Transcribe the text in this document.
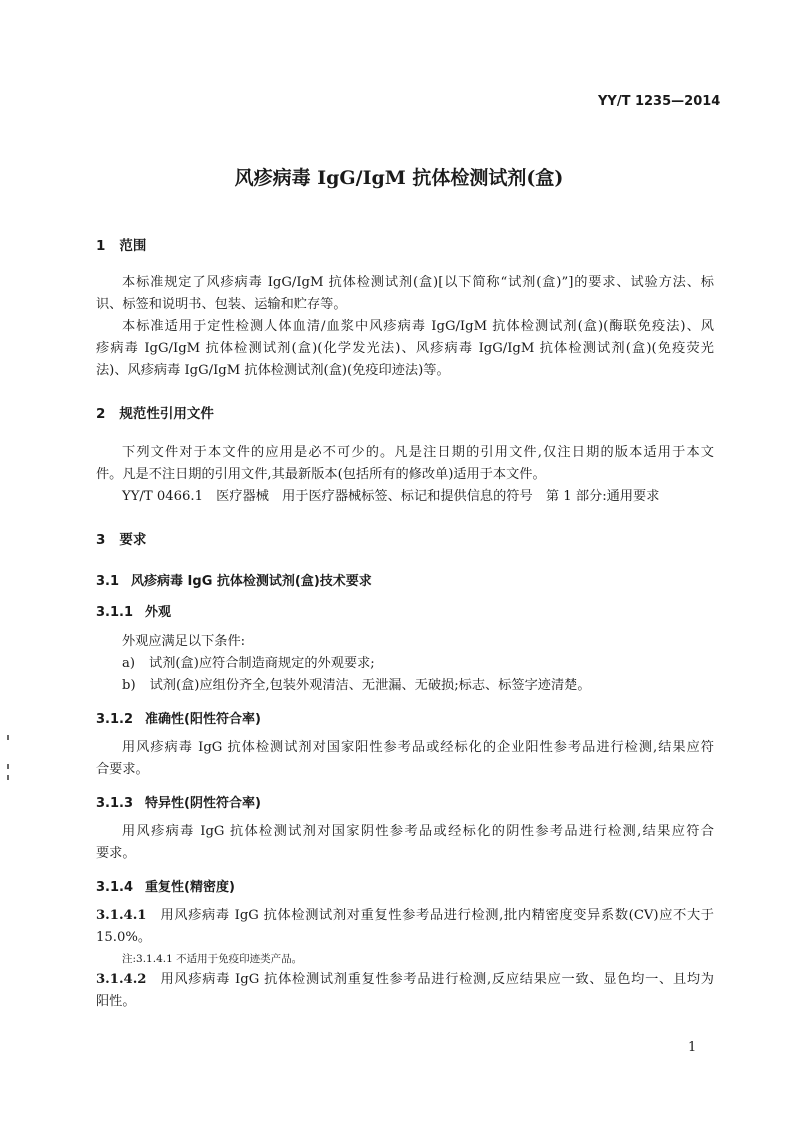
YY/T 1235—2014
风疹病毒 IgG/IgM 抗体检测试剂(盒)
1 范围
本标准规定了风疹病毒 IgG/IgM 抗体检测试剂(盒)[以下简称“试剂(盒)”]的要求、试验方法、标
识、标签和说明书、包装、运输和贮存等。
本标准适用于定性检测人体血清/血浆中风疹病毒 IgG/IgM 抗体检测试剂(盒)(酶联免疫法)、风
疹病毒 IgG/IgM 抗体检测试剂(盒)(化学发光法)、风疹病毒 IgG/IgM 抗体检测试剂(盒)(免疫荧光
法)、风疹病毒 IgG/IgM 抗体检测试剂(盒)(免疫印迹法)等。
2 规范性引用文件
下列文件对于本文件的应用是必不可少的。凡是注日期的引用文件,仅注日期的版本适用于本文
件。凡是不注日期的引用文件,其最新版本(包括所有的修改单)适用于本文件。
YY/T 0466.1　医疗器械　用于医疗器械标签、标记和提供信息的符号　第 1 部分:通用要求
3 要求
3.1 风疹病毒 IgG 抗体检测试剂(盒)技术要求
3.1.1 外观
外观应满足以下条件:
a) 试剂(盒)应符合制造商规定的外观要求;
b) 试剂(盒)应组份齐全,包装外观清洁、无泄漏、无破损;标志、标签字迹清楚。
3.1.2 准确性(阳性符合率)
用风疹病毒 IgG 抗体检测试剂对国家阳性参考品或经标化的企业阳性参考品进行检测,结果应符
合要求。
3.1.3 特异性(阴性符合率)
用风疹病毒 IgG 抗体检测试剂对国家阴性参考品或经标化的阴性参考品进行检测,结果应符合
要求。
3.1.4 重复性(精密度)
3.1.4.1 用风疹病毒 IgG 抗体检测试剂对重复性参考品进行检测,批内精密度变异系数(CV)应不大于
15.0%。
注:3.1.4.1 不适用于免疫印迹类产品。
3.1.4.2 用风疹病毒 IgG 抗体检测试剂重复性参考品进行检测,反应结果应一致、显色均一、且均为
阳性。
1
